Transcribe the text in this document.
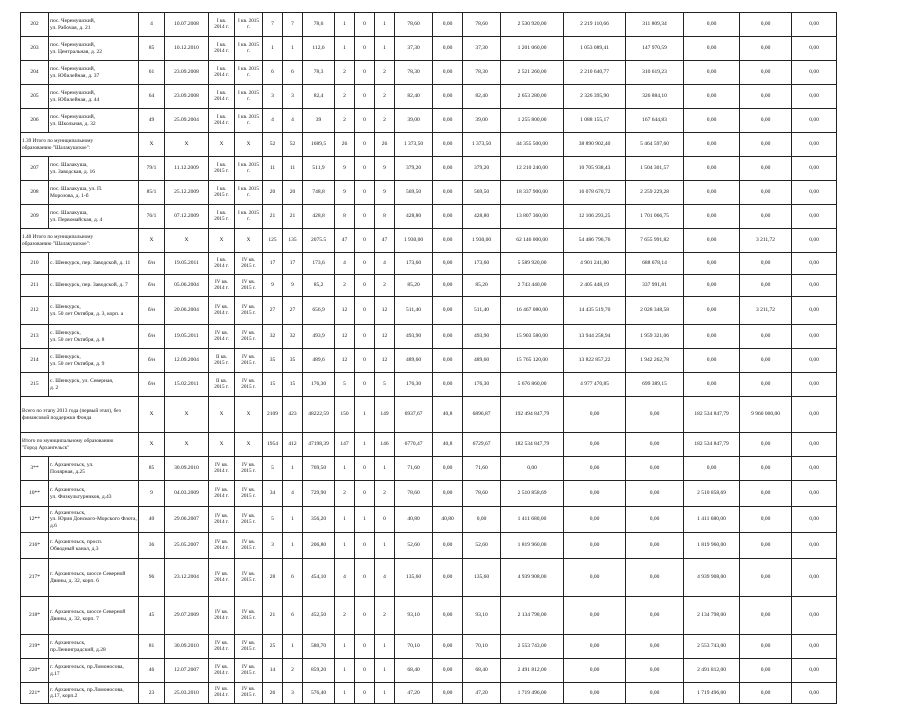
202	пос. Черемушский,
ул. Рабочая, д. 21	4	10.07.2008	I кв.
2014 г.	I кв. 2015
г.	7	7	78,6	1	0	1	78,60	0,00	78,60	2 530 920,00	2 219 110,66	311 809,34	0,00	0,00	0,00
203	пос. Черемушский,
ул. Центральная, д. 22	85	10.12.2010	I кв.
2014 г.	I кв. 2015
г.	1	1	112,6	1	0	1	37,30	0,00	37,30	1 201 060,00	1 053 089,41	147 970,59	0,00	0,00	0,00
204	пос. Черемушский,
ул. Юбилейная, д. 37	61	23.09.2008	I кв.
2014 г.	I кв. 2015
г.	6	6	78,3	2	0	2	78,30	0,00	78,30	2 521 260,00	2 210 640,77	310 619,23	0,00	0,00	0,00
205	пос. Черемушский,
ул. Юбилейная, д. 44	64	23.09.2008	I кв.
2014 г.	I кв. 2015
г.	3	3	82,4	2	0	2	82,40	0,00	82,40	2 653 280,00	2 326 395,90	326 884,10	0,00	0,00	0,00
206	пос. Черемушский,
ул. Школьная, д. 32	49	25.09.2004	I кв.
2014 г.	I кв. 2015
г.	4	4	39	2	0	2	39,00	0,00	39,00	1 255 800,00	1 088 155,17	167 644,83	0,00	0,00	0,00
1.39 Итого по муниципальному
образованию "Шалакушское":		X	X	X	X	52	52	1689,5	26	0	26	1 373,50	0,00	1 373,50	44 355 500,00	38 890 902,40	5 464 597,60	0,00	0,00	0,00
207	пос. Шалакуша,
ул. Заводская, д. 16	79/1	11.12.2009	I кв.
2015 г.	I кв. 2015
г.	11	11	511,9	9	0	9	379,20	0,00	379,20	12 210 240,00	10 705 938,43	1 504 301,57	0,00	0,00	0,00
208	пос. Шалакуша, ул. П.
Морозова, д. 1-б	85/1	25.12.2009	I кв.
2015 г.	I кв. 2015
г.	20	20	748,8	9	0	9	569,50	0,00	569,50	18 337 900,00	16 078 670,72	2 259 229,28	0,00	0,00	0,00
209	пос. Шалакуша,
ул. Первомайская, д. 4	76/1	07.12.2009	I кв.
2015 г.	I кв. 2015
г.	21	21	428,8	8	0	8	428,80	0,00	428,80	13 807 360,00	12 106 293,25	1 701 066,75	0,00	0,00	0,00
1.40 Итого по муниципальному
образованию "Шалакушское":		X	X	X	X	125	135	2075.5	47	0	47	1 930,00	0,00	1 930,00	62 146 000,00	54 486 796,76	7 655 991,82	0,00	3 211,72	0,00
210	с. Шенкурск, пер. Заводской, д. 11	б/н	19.05.2011	I кв.
2014 г.	IV кв.
2015 г.	17	17	173,6	4	0	4	173,60	0,00	173,60	5 589 920,00	4 901 241,80	688 678,14	0,00	0,00	0,00
211	с. Шенкурск, пер. Заводской, д. 7	б/н	05.06.2004	IV кв.
2014 г.	IV кв.
2015 г.	9	9	85,2	2	0	2	85,20	0,00	85,20	2 743 440,00	2 405 448,19	337 991,81	0,00	0,00	0,00
212	с. Шенкурск,
ул. 50 лет Октября, д. 3, корп. а	б/н	20.06.2004	IV кв.
2014 г.	IV кв.
2015 г.	27	27	656,9	12	0	12	511,40	0,00	511,40	16 467 080,00	14 435 519,70	2 028 348,58	0,00	3 211,72	0,00
213	с. Шенкурск,
ул. 50 лет Октября, д. 8	б/н	19.05.2011	IV кв.
2014 г.	IV кв.
2015 г.	32	32	493,9	12	0	12	493,90	0,00	493,90	15 903 580,00	13 944 258,94	1 959 321,06	0,00	0,00	0,00
214	с. Шенкурск,
ул. 50 лет Октября, д. 9	б/н	12.09.2004	II кв.
2015 г.	IV кв.
2015 г.	35	35	489,6	12	0	12	489,60	0,00	489,60	15 765 120,00	13 822 857,22	1 942 262,78	0,00	0,00	0,00
215	с. Шенкурск, ул. Северная,
д. 2	б/н	15.02.2011	II кв.
2015 г.	IV кв.
2015 г.	15	15	176,30	5	0	5	176,30	0,00	176,30	5 676 860,00	4 977 470,85	699 389,15	0,00	0,00	0,00
Всего по этапу 2013 года (первый этап), без
финансовой поддержки Фонда		X	X	X	X	2109	423	48222,59	150	1	149	6937,67	40,8	6896,87	192 494 847,79	0,00	0,00	182 534 847,79	9 960 000,00	0,00
Итого по муниципальному образованию
"Город Архангельск"		X	X	X	X	1954	412	47198,39	147	1	146	6770,47	40,8	6729,67	182 534 847,79	0,00	0,00	182 534 847,79	0,00	0,00
3**	г. Архангельск, ул.
Полярная, д.25	85	30.09.2010	IV кв.
2014 г.	IV кв.
2015 г.	5	1	769,50	1	0	1	71,60	0,00	71,60	0,00	0,00	0,00	0,00	0,00	0,00
10**	г. Архангельск,
ул. Физкультурников, д.43	9	04.03.2009	IV кв.
2014 г.	IV кв.
2015 г.	34	4	729,90	2	0	2	78,60	0,00	78,60	2 510 858,69	0,00	0,00	2 510 858,69	0,00	0,00
12**	г. Архангельск,
ул. Юрия Донского-Морского Флота,
д.6	40	29.06.2007	IV кв.
2014 г.	IV кв.
2015 г.	5	1	356,20	1	1	0	40,80	40,80	0,00	1 411 680,00	0,00	0,00	1 411 680,00	0,00	0,00
216*	г. Архангельск, просп.
Обводный канал, д.3	36	25.05.2007	IV кв.
2014 г.	IV кв.
2015 г.	3	1	206,80	1	0	1	52,60	0,00	52,60	1 819 960,00	0,00	0,00	1 819 960,00	0,00	0,00
217*	г. Архангельск, шоссе Северной
Двины, д. 32, корп. 6	96	23.12.2004	IV кв.
2014 г.	IV кв.
2015 г.	28	6	454,10	4	0	4	135,60	0,00	135,60	4 939 908,00	0,00	0,00	4 939 908,00	0,00	0,00
218*	г. Архангельск, шоссе Северной
Двины, д. 32, корп. 7	45	29.07.2009	IV кв.
2014 г.	IV кв.
2015 г.	21	6	452,50	2	0	2	93,10	0,00	93,10	2 134 798,00	0,00	0,00	2 134 798,00	0,00	0,00
219*	г. Архангельск,
пр.Ленинградский, д.28	81	30.09.2010	IV кв.
2014 г.	IV кв.
2015 г.	25	1	580,70	1	0	1	70,10	0,00	70,10	2 553 743,00	0,00	0,00	2 553 743,00	0,00	0,00
220*	г. Архангельск, пр.Ломоносова,
д.17	46	12.07.2007	IV кв.
2014 г.	IV кв.
2015 г.	14	2	859,20	1	0	1	68,40	0,00	68,40	2 491 812,00	0,00	0,00	2 491 812,00	0,00	0,00
221*	г. Архангельск, пр.Ломоносова,
д.17, корп.2	23	25.03.2010	IV кв.
2014 г.	IV кв.
2015 г.	26	3	576,40	1	0	1	47,20	0,00	47,20	1 719 496,00	0,00	0,00	1 719 496,00	0,00	0,00
